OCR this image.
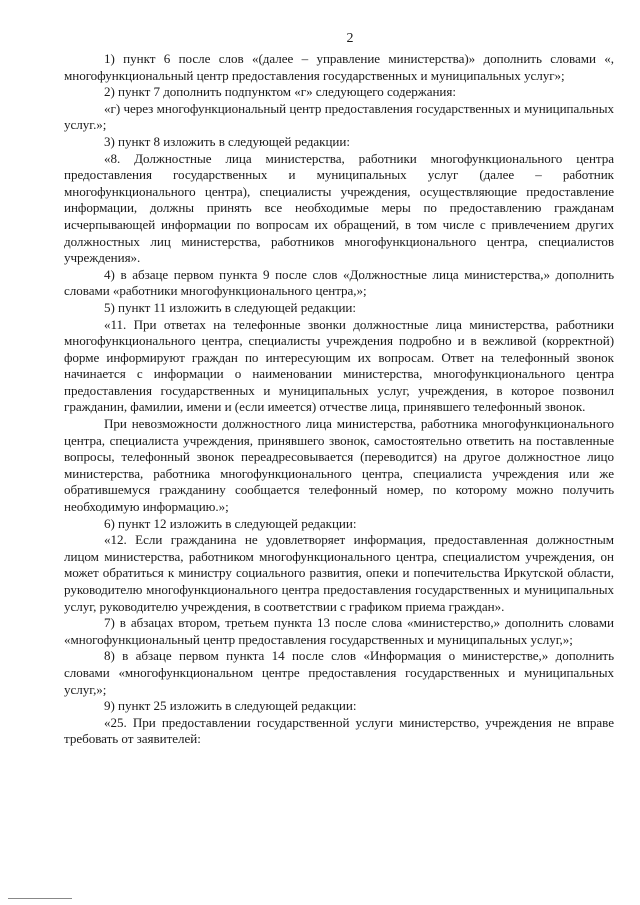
2

1) пункт 6 после слов «(далее – управление министерства)» дополнить словами «, многофункциональный центр предоставления государственных и муниципальных услуг»;

2) пункт 7 дополнить подпунктом «г» следующего содержания:

«г) через многофункциональный центр предоставления государственных и муниципальных услуг.»;

3) пункт 8 изложить в следующей редакции:

«8. Должностные лица министерства, работники многофункционального центра предоставления государственных и муниципальных услуг (далее – работник многофункционального центра), специалисты учреждения, осуществляющие предоставление информации, должны принять все необходимые меры по предоставлению гражданам исчерпывающей информации по вопросам их обращений, в том числе с привлечением других должностных лиц министерства, работников многофункционального центра, специалистов учреждения».

4) в абзаце первом пункта 9 после слов «Должностные лица министерства,» дополнить словами «работники многофункционального центра,»;

5) пункт 11 изложить в следующей редакции:

«11. При ответах на телефонные звонки должностные лица министерства, работники многофункционального центра, специалисты учреждения подробно и в вежливой (корректной) форме информируют граждан по интересующим их вопросам. Ответ на телефонный звонок начинается с информации о наименовании министерства, многофункционального центра предоставления государственных и муниципальных услуг, учреждения, в которое позвонил гражданин, фамилии, имени и (если имеется) отчестве лица, принявшего телефонный звонок.

При невозможности должностного лица министерства, работника многофункционального центра, специалиста учреждения, принявшего звонок, самостоятельно ответить на поставленные вопросы, телефонный звонок переадресовывается (переводится) на другое должностное лицо министерства, работника многофункционального центра, специалиста учреждения или же обратившемуся гражданину сообщается телефонный номер, по которому можно получить необходимую информацию.»;

6) пункт 12 изложить в следующей редакции:

«12. Если гражданина не удовлетворяет информация, предоставленная должностным лицом министерства, работником многофункционального центра, специалистом учреждения, он может обратиться к министру социального развития, опеки и попечительства Иркутской области, руководителю многофункционального центра предоставления государственных и муниципальных услуг, руководителю учреждения, в соответствии с графиком приема граждан».

7) в абзацах втором, третьем пункта 13 после слова «министерство,» дополнить словами «многофункциональный центр предоставления государственных и муниципальных услуг,»;

8) в абзаце первом пункта 14 после слов «Информация о министерстве,» дополнить словами «многофункциональном центре предоставления государственных и муниципальных услуг,»;

9) пункт 25 изложить в следующей редакции:

«25. При предоставлении государственной услуги министерство, учреждения не вправе требовать от заявителей:
